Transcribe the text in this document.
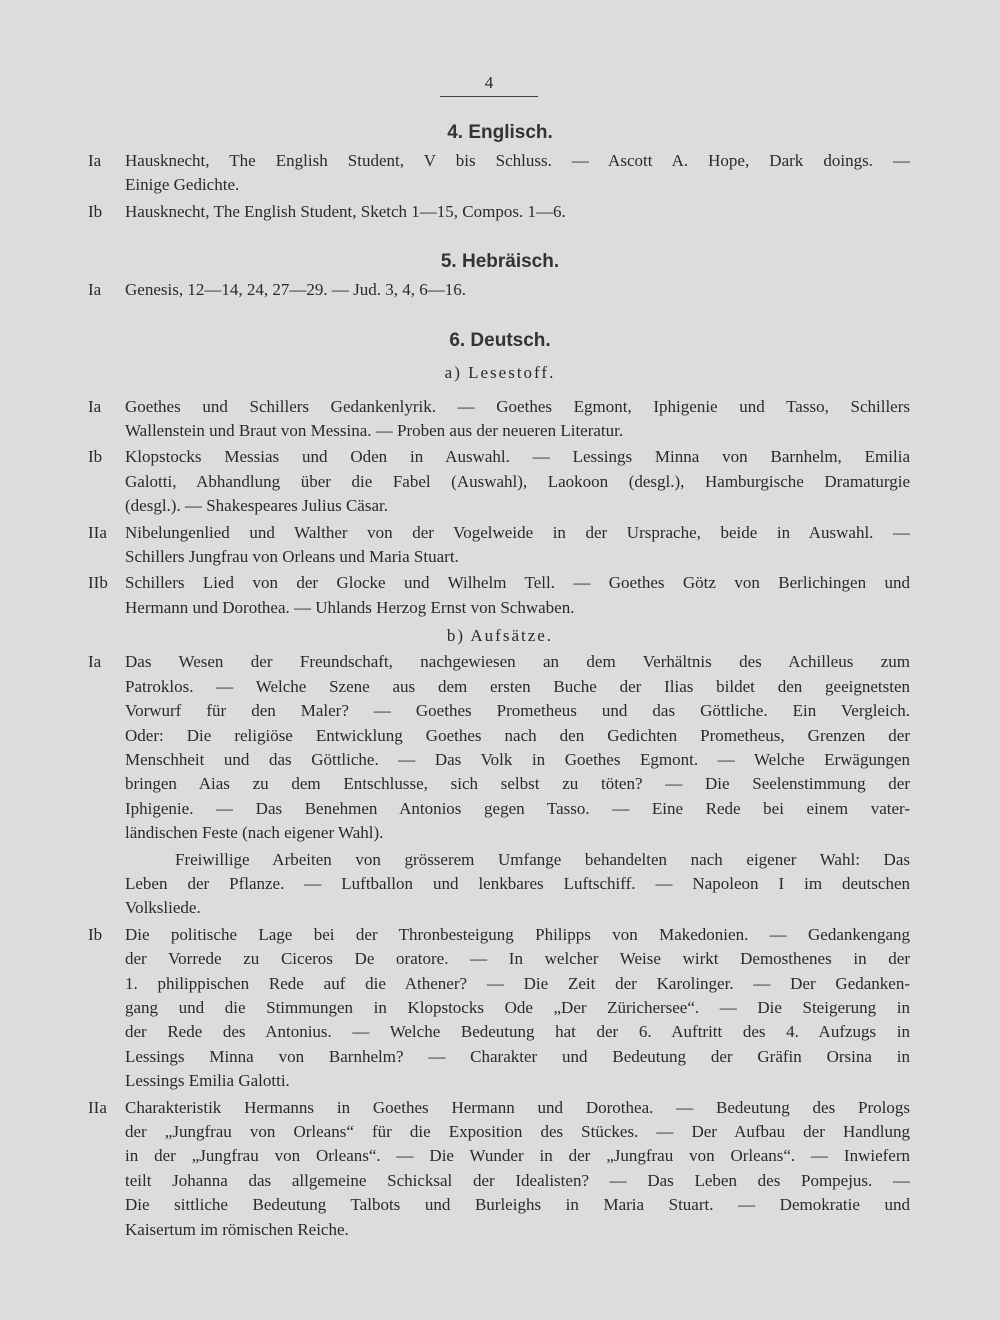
4
4. Englisch.
Ia Hausknecht, The English Student, V bis Schluss. — Ascott A. Hope, Dark doings. —
Einige Gedichte.
Ib Hausknecht, The English Student, Sketch 1—15, Compos. 1—6.
5. Hebräisch.
Ia Genesis, 12—14, 24, 27—29. — Jud. 3, 4, 6—16.
6. Deutsch.
a) Lesestoff.
Ia Goethes und Schillers Gedankenlyrik. — Goethes Egmont, Iphigenie und Tasso, Schillers
Wallenstein und Braut von Messina. — Proben aus der neueren Literatur.
Ib Klopstocks Messias und Oden in Auswahl. — Lessings Minna von Barnhelm, Emilia
Galotti, Abhandlung über die Fabel (Auswahl), Laokoon (desgl.), Hamburgische Dramaturgie
(desgl.). — Shakespeares Julius Cäsar.
IIa Nibelungenlied und Walther von der Vogelweide in der Ursprache, beide in Auswahl. —
Schillers Jungfrau von Orleans und Maria Stuart.
IIb Schillers Lied von der Glocke und Wilhelm Tell. — Goethes Götz von Berlichingen und
Hermann und Dorothea. — Uhlands Herzog Ernst von Schwaben.
b) Aufsätze.
Ia Das Wesen der Freundschaft, nachgewiesen an dem Verhältnis des Achilleus zum
Patroklos. — Welche Szene aus dem ersten Buche der Ilias bildet den geeignetsten
Vorwurf für den Maler? — Goethes Prometheus und das Göttliche. Ein Vergleich.
Oder: Die religiöse Entwicklung Goethes nach den Gedichten Prometheus, Grenzen der
Menschheit und das Göttliche. — Das Volk in Goethes Egmont. — Welche Erwägungen
bringen Aias zu dem Entschlusse, sich selbst zu töten? — Die Seelenstimmung der
Iphigenie. — Das Benehmen Antonios gegen Tasso. — Eine Rede bei einem vater-
ländischen Feste (nach eigener Wahl).
Freiwillige Arbeiten von grösserem Umfange behandelten nach eigener Wahl: Das
Leben der Pflanze. — Luftballon und lenkbares Luftschiff. — Napoleon I im deutschen
Volksliede.
Ib Die politische Lage bei der Thronbesteigung Philipps von Makedonien. — Gedankengang
der Vorrede zu Ciceros De oratore. — In welcher Weise wirkt Demosthenes in der
1. philippischen Rede auf die Athener? — Die Zeit der Karolinger. — Der Gedanken-
gang und die Stimmungen in Klopstocks Ode „Der Zürichersee“. — Die Steigerung in
der Rede des Antonius. — Welche Bedeutung hat der 6. Auftritt des 4. Aufzugs in
Lessings Minna von Barnhelm? — Charakter und Bedeutung der Gräfin Orsina in
Lessings Emilia Galotti.
IIa Charakteristik Hermanns in Goethes Hermann und Dorothea. — Bedeutung des Prologs
der „Jungfrau von Orleans“ für die Exposition des Stückes. — Der Aufbau der Handlung
in der „Jungfrau von Orleans“. — Die Wunder in der „Jungfrau von Orleans“. — Inwiefern
teilt Johanna das allgemeine Schicksal der Idealisten? — Das Leben des Pompejus. —
Die sittliche Bedeutung Talbots und Burleighs in Maria Stuart. — Demokratie und
Kaisertum im römischen Reiche.
